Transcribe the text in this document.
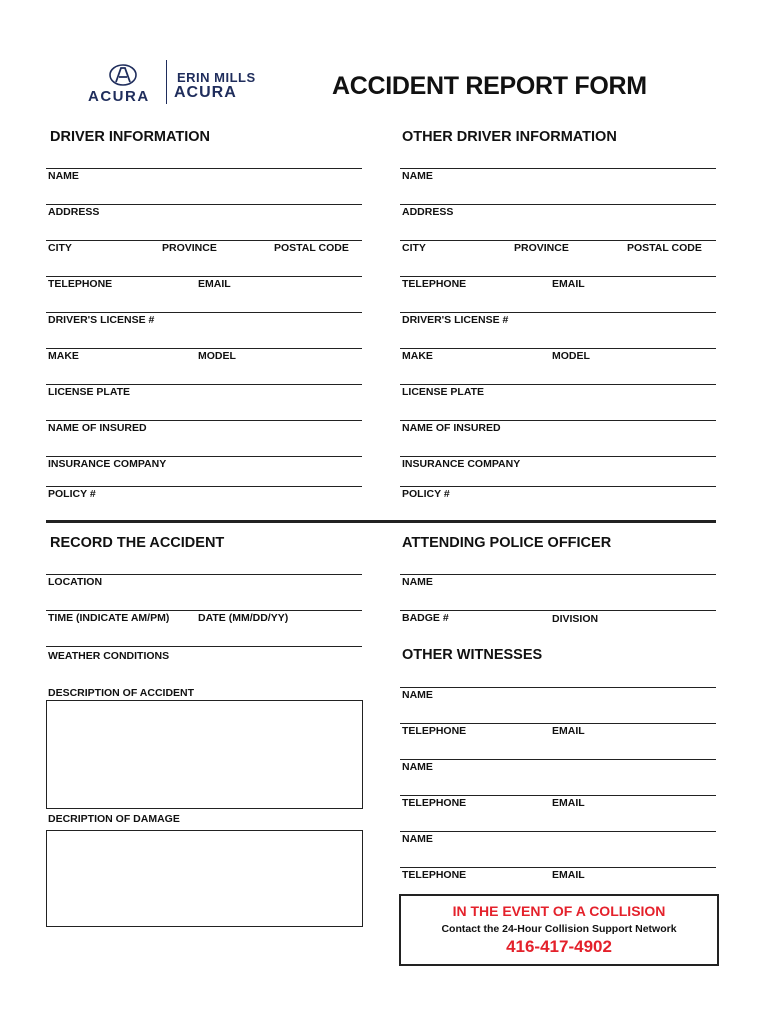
ACURA
ERIN MILLS
ACURA	ACCIDENT REPORT FORM
DRIVER INFORMATION	OTHER DRIVER INFORMATION
NAME
ADDRESS
CITY	PROVINCE	POSTAL CODE
TELEPHONE	EMAIL
DRIVER'S LICENSE #
MAKE	MODEL
LICENSE PLATE
NAME OF INSURED
INSURANCE COMPANY
POLICY #
NAME
ADDRESS
CITY	PROVINCE	POSTAL CODE
TELEPHONE	EMAIL
DRIVER'S LICENSE #
MAKE	MODEL
LICENSE PLATE
NAME OF INSURED
INSURANCE COMPANY
POLICY #
RECORD THE ACCIDENT
LOCATION
TIME (INDICATE AM/PM)	DATE (MM/DD/YY)
WEATHER CONDITIONS
DESCRIPTION OF ACCIDENT
DECRIPTION OF DAMAGE
ATTENDING POLICE OFFICER
NAME
BADGE #	DIVISION
OTHER WITNESSES
NAME
TELEPHONE	EMAIL
NAME
TELEPHONE	EMAIL
NAME
TELEPHONE	EMAIL
IN THE EVENT OF A COLLISION
Contact the 24-Hour Collision Support Network
416-417-4902
